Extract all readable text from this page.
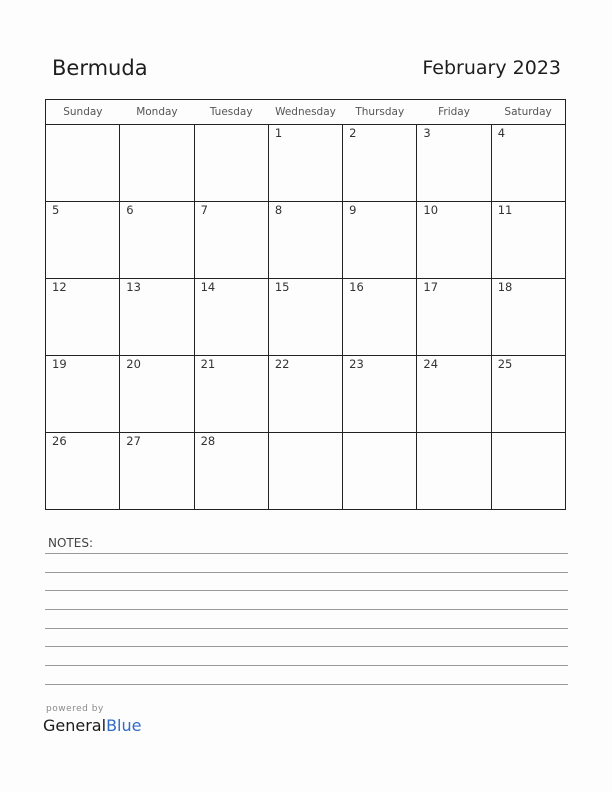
Bermuda	February 2023
Sunday	Monday	Tuesday	Wednesday	Thursday	Friday	Saturday

			1	2	3	4

5	6	7	8	9	10	11

12	13	14	15	16	17	18

19	20	21	22	23	24	25

26	27	28				

NOTES:
powered by
GeneralBlue
